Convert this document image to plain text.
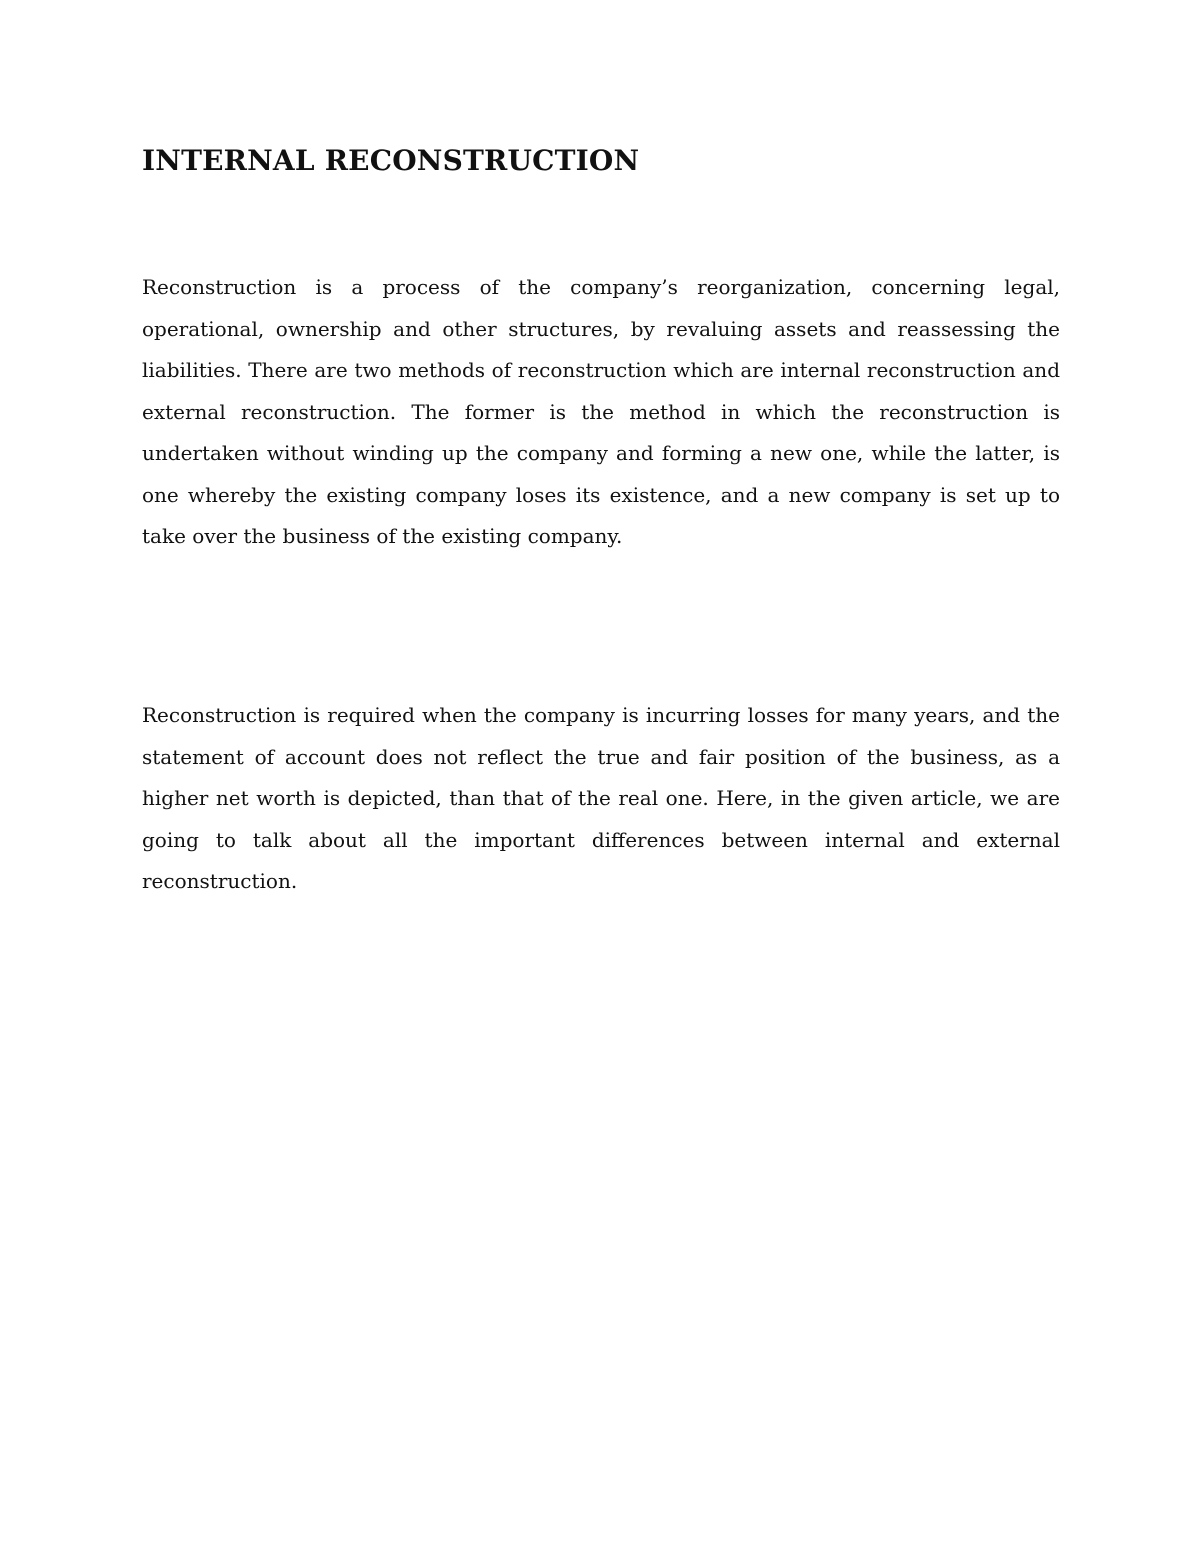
INTERNAL RECONSTRUCTION

Reconstruction is a process of the company’s reorganization, concerning legal, operational, ownership and other structures, by revaluing assets and reassessing the liabilities. There are two methods of reconstruction which are internal reconstruction and external reconstruction. The former is the method in which the reconstruction is undertaken without winding up the company and forming a new one, while the latter, is one whereby the existing company loses its existence, and a new company is set up to take over the business of the existing company.

Reconstruction is required when the company is incurring losses for many years, and the statement of account does not reflect the true and fair position of the business, as a higher net worth is depicted, than that of the real one. Here, in the given article, we are going to talk about all the important differences between internal and external reconstruction.
